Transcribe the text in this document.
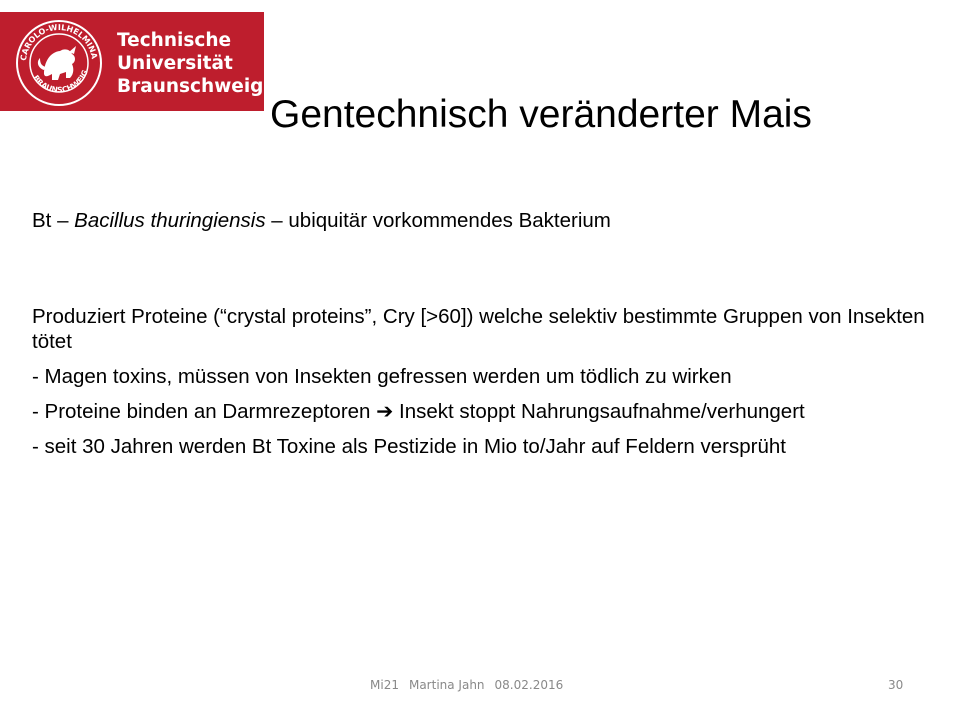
CAROLO-WILHELMINA
BRAUNSCHWEIG
Technische
Universität
Braunschweig
Gentechnisch veränderter Mais

Bt – Bacillus thuringiensis – ubiquitär vorkommendes Bakterium

Produziert Proteine (“crystal proteins”, Cry [>60]) welche selektiv bestimmte Gruppen von Insekten tötet

- Magen toxins, müssen von Insekten gefressen werden um tödlich zu wirken

- Proteine binden an Darmrezeptoren ➔ Insekt stoppt Nahrungsaufnahme/verhungert

- seit 30 Jahren werden Bt Toxine als Pestizide in Mio to/Jahr auf Feldern versprüht

Mi21 Martina Jahn 08.02.2016	30
